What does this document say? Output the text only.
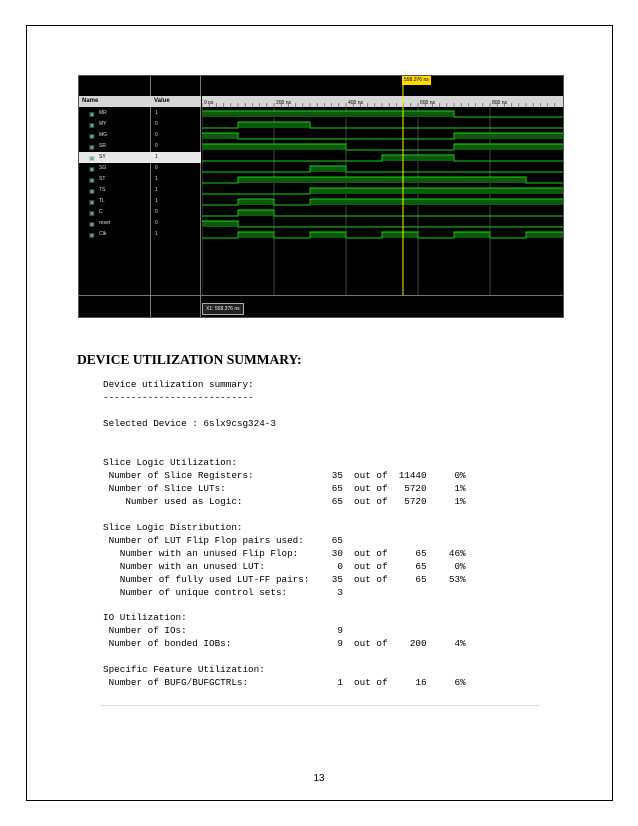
Name	Value
▣ MR	1
▣ MY	0
▣ MG	0
▣ SR	0
▣ SY	1
▣ SG	0
▣ ST	1
▣ TS	1
▣ TL	1
▣ C	0
▣ reset	0
▣ Clk	1
0 ns	200 ns	400 ns	600 ns	800 ns
558.376 ns
X1: 558.376 ns
DEVICE UTILIZATION SUMMARY:
Device utilization summary:
---------------------------
Selected Device : 6slx9csg324-3
Slice Logic Utilization:
Number of Slice Registers:              35  out of  11440     0%
Number of Slice LUTs:                   65  out of   5720     1%
Number used as Logic:                65  out of   5720     1%
Slice Logic Distribution:
Number of LUT Flip Flop pairs used:     65
Number with an unused Flip Flop:      30  out of     65    46%
Number with an unused LUT:             0  out of     65     0%
Number of fully used LUT-FF pairs:    35  out of     65    53%
Number of unique control sets:         3
IO Utilization:
Number of IOs:                           9
Number of bonded IOBs:                   9  out of    200     4%
Specific Feature Utilization:
Number of BUFG/BUFGCTRLs:                1  out of     16     6%
13
